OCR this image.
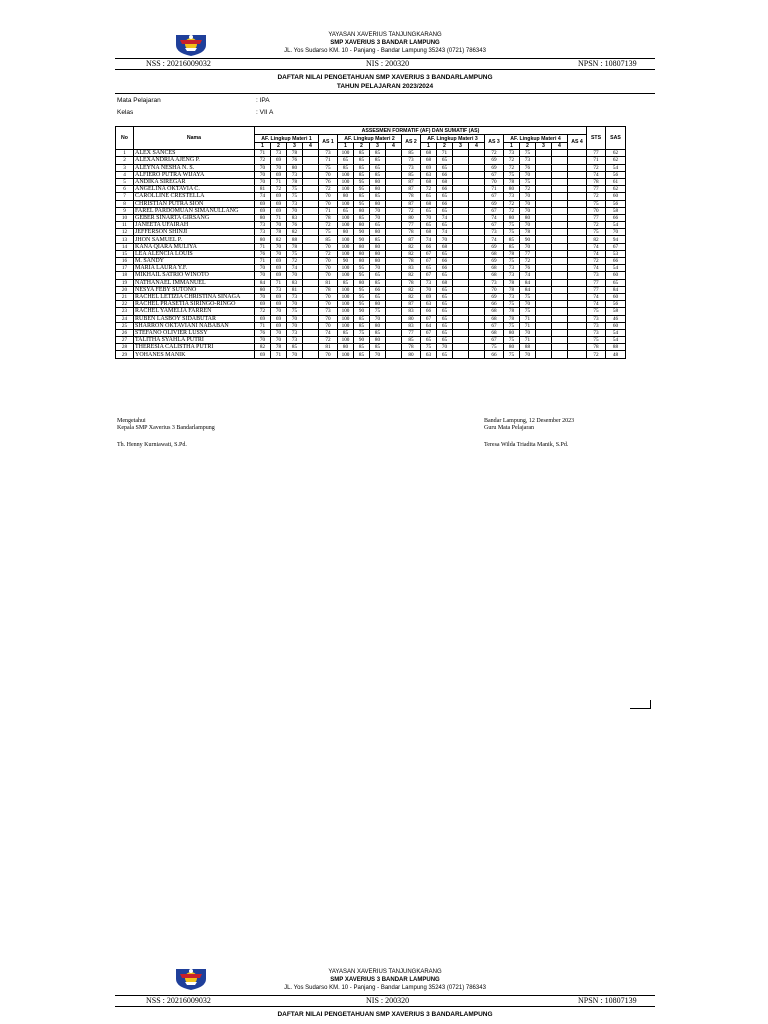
YAYASAN XAVERIUS TANJUNGKARANG
SMP XAVERIUS 3 BANDAR LAMPUNG
JL. Yos Sudarso KM. 10 - Panjang - Bandar Lampung 35243 (0721) 786343
NSS : 20216009032	NIS : 200320	NPSN : 10807139
DAFTAR NILAI PENGETAHUAN SMP XAVERIUS 3 BANDARLAMPUNG
TAHUN PELAJARAN 2023/2024
Mata Pelajaran	: IPA
Kelas	: VII A
No	Nama	ASSESMEN FORMATIF (AF) DAN SUMATIF (AS)																				STS	SAS
		AF. Lingkup Materi 1				AS 1	AF. Lingkup Materi 2				AS 2	AF. Lingkup Materi 3				AS 3	AF. Lingkup Materi 4				AS 4		
		1	2	3	4		1	2	3	4		1	2	3	4		1	2	3	4			
1	ALEX SANCES	71	73	78		73	100	85	85		85	68	71			72	73	75				77	62
2	ALEXANDRIA AJENG P.	72	69	76		71	65	85	85		73	68	65			69	72	73				71	62
3	ALEYNA NESHA N. S.	70	70	80		75	85	85	65		73	69	65			69	72	76				72	54
4	ALFIERO PUTRA WIJAYA	70	69	73		70	100	85	85		85	63	66			67	75	70				74	56
5	ANDIKA SIREGAR	70	71	78		76	100	95	80		87	68	68			70	78	75				78	61
6	ANGELINA OKTAVIA C.	81	72	75		72	100	95	80		87	72	66			71	80	72				77	62
7	CAROLLINE CRESTELLA	74	69	75		70	80	85	85		78	65	65			67	73	70				72	60
8	CHRISTIAN PUTRA SION	69	69	73		70	100	95	80		87	68	66			69	72	70				75	56
9	FAREL PARDOMUAN SIMANULLANG	69	69	70		71	65	80	70		72	65	65			67	72	70				70	58
10	GEBER SINARTA GIRSANG	80	71	83		78	100	85	70		80	70	74			74	80	80				77	66
11	JANEETA UFAIRAH	73	70	76		72	100	80	65		77	65	65			67	75	70				72	54
12	JEFFERSON SHINJI	73	78	82		75	80	90	80		78	68	74			73	75	78				75	70
13	JHON SAMUEL P.	80	82	88		85	100	90	85		87	74	70			74	85	90				82	94
14	KANA QIARA MULIYA	71	70	78		70	100	80	80		82	66	68			69	85	70				74	67
15	LEA ALENCIA LOUIS	76	70	75		72	100	80	80		82	67	65			68	78	77				74	53
16	M. SANDY	71	69	72		70	90	80	80		78	67	66			69	75	72				72	66
17	MARIA LAURA Y.F.	70	69	74		70	100	95	70		83	65	66			68	73	76				74	54
18	MIKHAIL SATRIO WINOTO	70	69	70		70	100	95	65		82	67	65			68	73	74				73	60
19	NATHANAEL IMMANUEL	84	71	83		81	85	80	85		78	73	68			73	78	84				77	65
20	NESYA FEBY SUTONO	80	73	81		78	100	95	66		82	70	65			70	78	84				77	84
21	RACHEL LETIZIA CHRISTINA SINAGA	70	69	73		70	100	95	65		82	69	65			69	73	75				74	60
22	RACHEL PRASETIA SIRINGO-RINGO	69	69	70		70	100	95	80		87	63	65			66	75	70				74	56
23	RACHEL YAMELIA FARREN	72	70	75		73	100	90	75		83	66	65			68	78	75				75	58
24	RUBEN LASBOY SIDABUTAR	69	69	70		70	100	85	70		80	67	65			68	78	71				73	46
25	SHARRON OKTAVIANI NABABAN	71	69	70		70	100	85	80		83	64	65			67	75	71				73	60
26	STEFANO OLIVIER LUSSY	76	70	73		74	85	75	85		77	67	65			68	80	70				73	54
27	TALITHA SYAHLA PUTRI	70	70	73		72	100	90	80		85	65	65			67	75	71				75	54
28	THERESIA CALISTHA PUTRI	82	78	85		81	80	85	85		78	75	70			75	80	88				78	88
29	YOHANES MANIK	69	71	70		70	100	85	70		80	63	65			66	75	70				72	48
Mengetahui
Kepala SMP Xaverius 3 Bandarlampung
Th. Henny Kurniawati, S.Pd.
Bandar Lampung, 12 Desember 2023
Guru Mata Pelajaran
Teresa Wilda Triadita Manik, S.Pd.
YAYASAN XAVERIUS TANJUNGKARANG
SMP XAVERIUS 3 BANDAR LAMPUNG
JL. Yos Sudarso KM. 10 - Panjang - Bandar Lampung 35243 (0721) 786343
NSS : 20216009032	NIS : 200320	NPSN : 10807139
DAFTAR NILAI PENGETAHUAN SMP XAVERIUS 3 BANDARLAMPUNG
